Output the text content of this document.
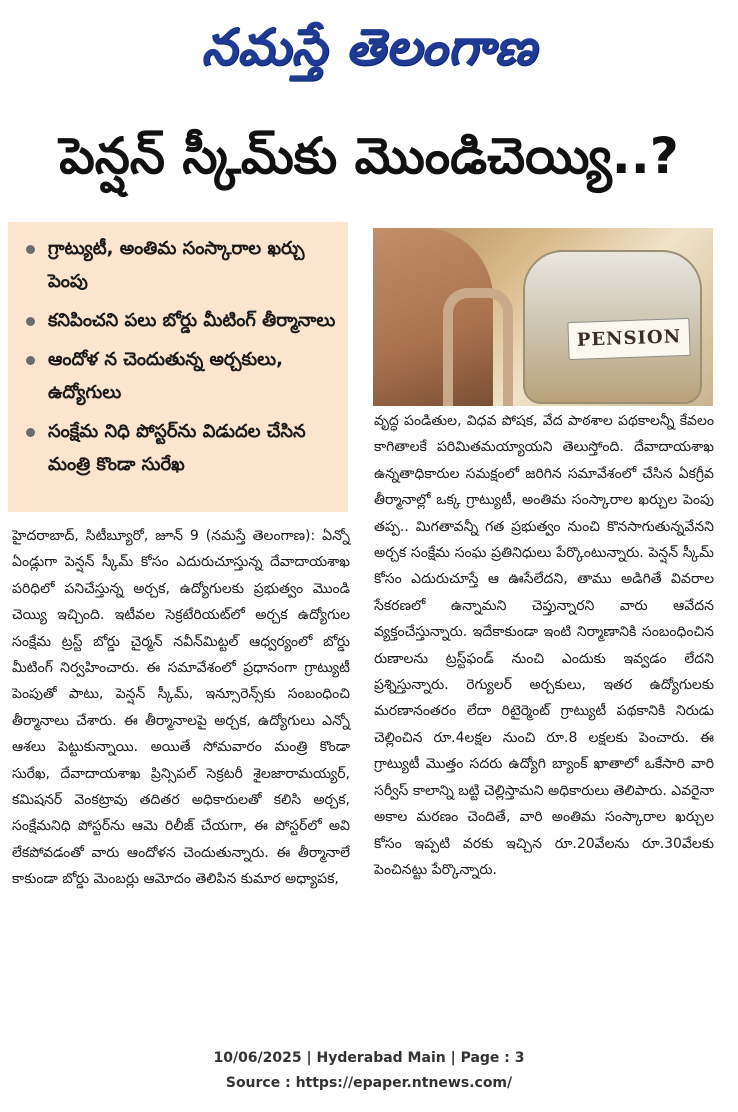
నమస్తే తెలంగాణ
పెన్షన్ స్కీమ్‌కు మొండిచెయ్యి..?
గ్రాట్యుటీ, అంతిమ సంస్కారాల ఖర్చు పెంపు
కనిపించని పలు బోర్డు మీటింగ్ తీర్మానాలు
ఆందోళ న చెందుతున్న అర్చకులు, ఉద్యోగులు
సంక్షేమ నిధి పోస్టర్‌ను విడుదల చేసిన మంత్రి కొండా సురేఖ
PENSION

హైదరాబాద్, సిటీబ్యూరో, జూన్ 9 (నమస్తే తెలంగాణ): ఏన్నో ఏండ్లుగా పెన్షన్ స్కీమ్ కోసం ఎదురుచూస్తున్న దేవాదాయశాఖ పరిధిలో పనిచేస్తున్న అర్చక, ఉద్యోగులకు ప్రభుత్వం మొండి చెయ్యి ఇచ్చింది. ఇటీవల సెక్రటేరియట్‌లో అర్చక ఉద్యోగుల సంక్షేమ ట్రస్ట్ బోర్డు చైర్మన్ నవీన్‌మిట్టల్ ఆధ్వర్యంలో బోర్డు మీటింగ్ నిర్వహించారు. ఈ సమావేశంలో ప్రధానంగా గ్రాట్యుటీ పెంపుతో పాటు, పెన్షన్ స్కీమ్, ఇన్సూరెన్స్‌కు సంబంధించి తీర్మానాలు చేశారు. ఈ తీర్మానాలపై అర్చక, ఉద్యోగులు ఎన్నో ఆశలు పెట్టుకున్నాయి. అయితే సోమవారం మంత్రి కొండా సురేఖ, దేవాదాయశాఖ ప్రిన్సిపల్ సెక్రటరీ శైలజారామయ్యర్, కమిషనర్ వెంకట్రావు తదితర అధికారులతో కలిసి అర్చక, సంక్షేమనిధి పోస్టర్‌ను ఆమె రిలీజ్ చేయగా, ఈ పోస్టర్‌లో అవి లేకపోవడంతో వారు ఆందోళన చెందుతున్నారు. ఈ తీర్మానాలే కాకుండా బోర్డు మెంబర్లు ఆమోదం తెలిపిన కుమార అధ్యాపక,

వృద్ధ పండితుల, విధవ పోషక, వేద పాఠశాల పథకాలన్నీ కేవలం కాగితాలకే పరిమితమయ్యాయని తెలుస్తోంది. దేవాదాయశాఖ ఉన్నతాధికారుల సమక్షంలో జరిగిన సమావేశంలో చేసిన ఏకగ్రీవ తీర్మానాల్లో ఒక్క గ్రాట్యుటీ, అంతిమ సంస్కారాల ఖర్చుల పెంపు తప్ప.. మిగతావన్నీ గత ప్రభుత్వం నుంచి కొనసాగుతున్నవేనని అర్చక సంక్షేమ సంఘ ప్రతినిధులు పేర్కొంటున్నారు. పెన్షన్ స్కీమ్ కోసం ఎదురుచూస్తే ఆ ఊసేలేదని, తాము అడిగితే వివరాల సేకరణలో ఉన్నామని చెప్తున్నారని వారు ఆవేదన వ్యక్తంచేస్తున్నారు. ఇదేకాకుండా ఇంటి నిర్మాణానికి సంబంధించిన రుణాలను ట్రస్ట్‌ఫండ్ నుంచి ఎందుకు ఇవ్వడం లేదని ప్రశ్నిస్తున్నారు. రెగ్యులర్ అర్చకులు, ఇతర ఉద్యోగులకు మరణానంతరం లేదా రిటైర్మెంట్ గ్రాట్యుటీ పథకానికి నిరుడు చెల్లించిన రూ.4లక్షల నుంచి రూ.8 లక్షలకు పెంచారు. ఈ గ్రాట్యుటీ మొత్తం సదరు ఉద్యోగి బ్యాంక్ ఖాతాలో ఒకేసారి వారి సర్వీస్ కాలాన్ని బట్టి చెల్లిస్తామని అధికారులు తెలిపారు. ఎవరైనా అకాల మరణం చెందితే, వారి అంతిమ సంస్కారాల ఖర్చుల కోసం ఇప్పటి వరకు ఇచ్చిన రూ.20వేలను రూ.30వేలకు పెంచినట్టు పేర్కొన్నారు.

10/06/2025 | Hyderabad Main | Page : 3
Source : https://epaper.ntnews.com/
